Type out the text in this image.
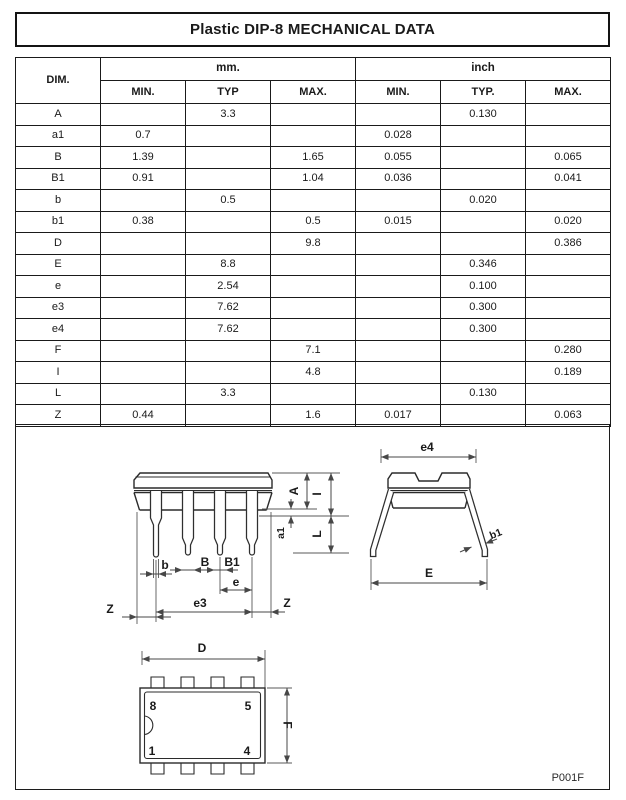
Plastic DIP-8 MECHANICAL DATA
DIM.	mm.			inch		
	MIN.	TYP	MAX.	MIN.	TYP.	MAX.
A		3.3			0.130	
a1	0.7			0.028		
B	1.39		1.65	0.055		0.065
B1	0.91		1.04	0.036		0.041
b		0.5			0.020	
b1	0.38		0.5	0.015		0.020
D			9.8			0.386
E		8.8			0.346	
e		2.54			0.100	
e3		7.62			0.300	
e4		7.62			0.300	
F			7.1			0.280
I			4.8			0.189
L		3.3			0.130	
Z	0.44		1.6	0.017		0.063
A I
a1 L
b	B B1
e
e3
Z	Z
e4
b1
E
8	5
1	4
D
F
P001F
